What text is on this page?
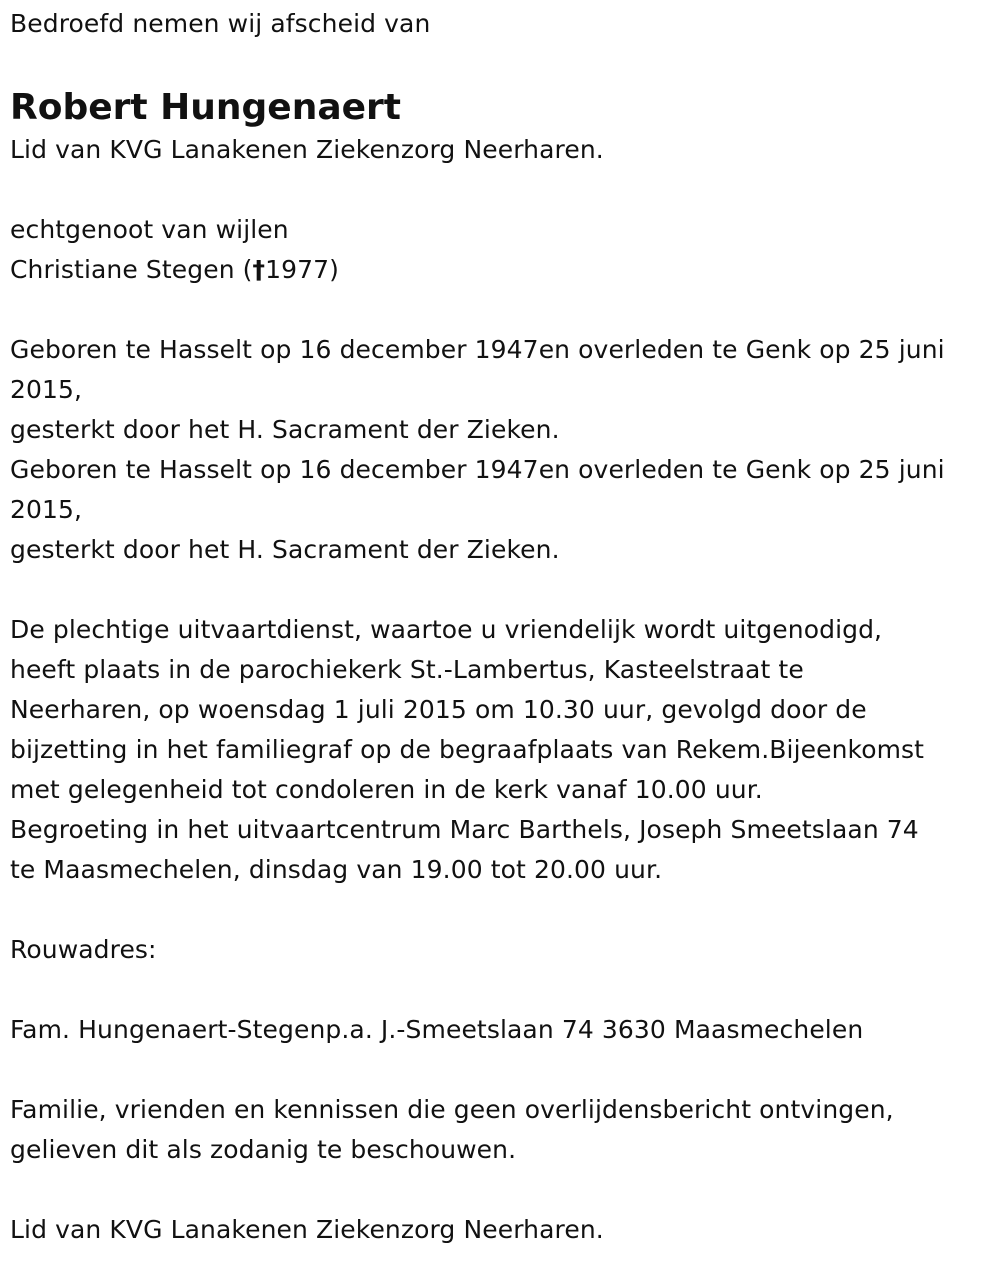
Bedroefd nemen wij afscheid van
Robert Hungenaert
Lid van KVG Lanakenen Ziekenzorg Neerharen.
echtgenoot van wijlen
Christiane Stegen (†1977)
Geboren te Hasselt op 16 december 1947en overleden te Genk op 25 juni
2015,
gesterkt door het H. Sacrament der Zieken.
Geboren te Hasselt op 16 december 1947en overleden te Genk op 25 juni
2015,
gesterkt door het H. Sacrament der Zieken.
De plechtige uitvaartdienst, waartoe u vriendelijk wordt uitgenodigd,
heeft plaats in de parochiekerk St.-Lambertus, Kasteelstraat te
Neerharen, op woensdag 1 juli 2015 om 10.30 uur, gevolgd door de
bijzetting in het familiegraf op de begraafplaats van Rekem.Bijeenkomst
met gelegenheid tot condoleren in de kerk vanaf 10.00 uur.
Begroeting in het uitvaartcentrum Marc Barthels, Joseph Smeetslaan 74
te Maasmechelen, dinsdag van 19.00 tot 20.00 uur.
Rouwadres:
Fam. Hungenaert-Stegenp.a. J.-Smeetslaan 74 3630 Maasmechelen
Familie, vrienden en kennissen die geen overlijdensbericht ontvingen,
gelieven dit als zodanig te beschouwen.
Lid van KVG Lanakenen Ziekenzorg Neerharen.
